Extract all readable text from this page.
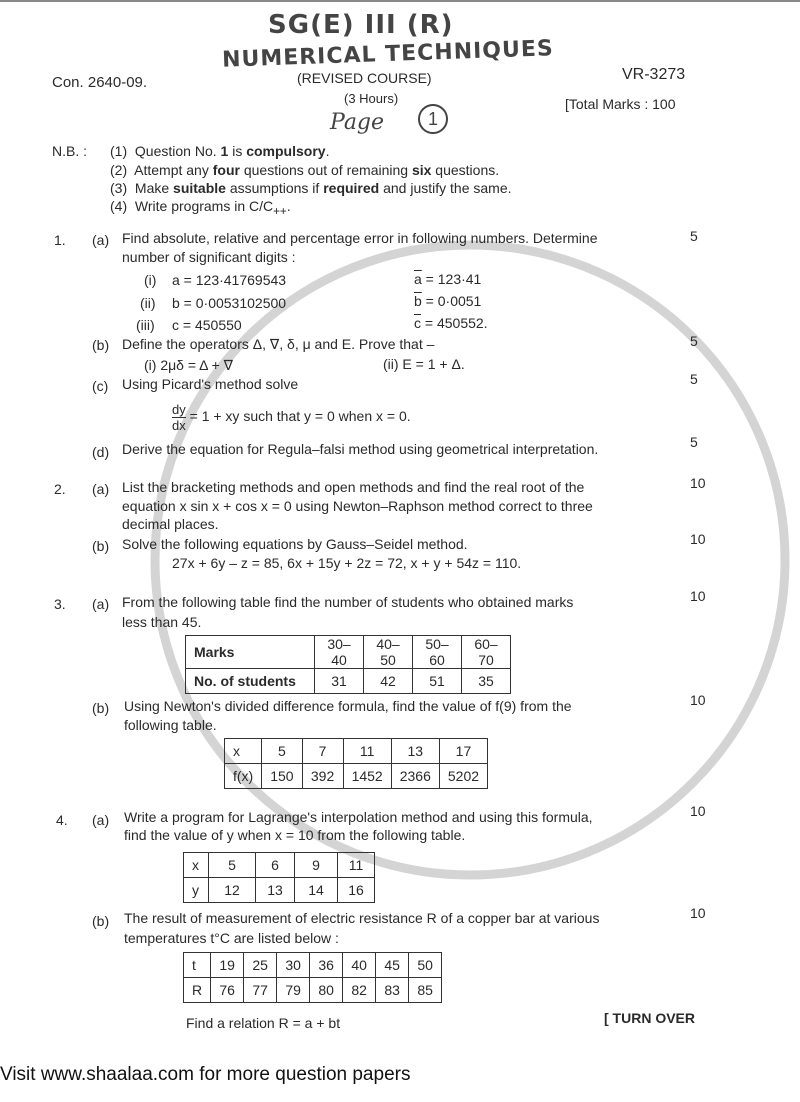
SG(E) III (R)
NUMERICAL TECHNIQUES
Con. 2640-09.	(REVISED COURSE)	VR-3273
(3 Hours)
Page	1
[Total Marks : 100
N.B. : (1) Question No. 1 is compulsory.
(2) Attempt any four questions out of remaining six questions.
(3) Make suitable assumptions if required and justify the same.
(4) Write programs in $C/C_{++}$.
1. (a) Find absolute, relative and percentage error in following numbers. Determine
number of significant digits :
5
(i) a = 123·41769543	$\overline{a} = 123\cdot 41$
(ii) b = 0·0053102500	$\overline{b} = 0\cdot 0051$
(iii) c = 450550	$\overline{c} = 450552$.
(b) Define the operators Δ, ∇, δ, μ and E. Prove that –	5
(i) 2μδ = Δ + ∇	(ii) E = 1 + Δ.
(c) Using Picard's method solve	5
$\frac{dy}{dx} = 1$ + xy such that y = 0 when x = 0.
(d) Derive the equation for Regula–falsi method using geometrical interpretation.	5
2. (a) List the bracketing methods and open methods and find the real root of the
equation x sin x + cos x = 0 using Newton–Raphson method correct to three
decimal places.
10
(b) Solve the following equations by Gauss–Seidel method.
27x + 6y – z = 85, 6x + 15y + 2z = 72, x + y + 54z = 110.
10
3. (a) From the following table find the number of students who obtained marks
less than 45.
10
Marks	30–40	40–50	50–60	60–70
No. of students	31	42	51	35
(b) Using Newton's divided difference formula, find the value of f(9) from the
following table.
10
x	5	7	11	13	17
f(x)	150	392	1452	2366	5202
4. (a) Write a program for Lagrange's interpolation method and using this formula,
find the value of y when x = 10 from the following table.
10
x	5	6	9	11
y	12	13	14	16
(b) The result of measurement of electric resistance R of a copper bar at various
temperatures t°C are listed below :
10
t	19	25	30	36	40	45	50
R	76	77	79	80	82	83	85
Find a relation R = a + bt	[ TURN OVER
Visit www.shaalaa.com for more question papers
